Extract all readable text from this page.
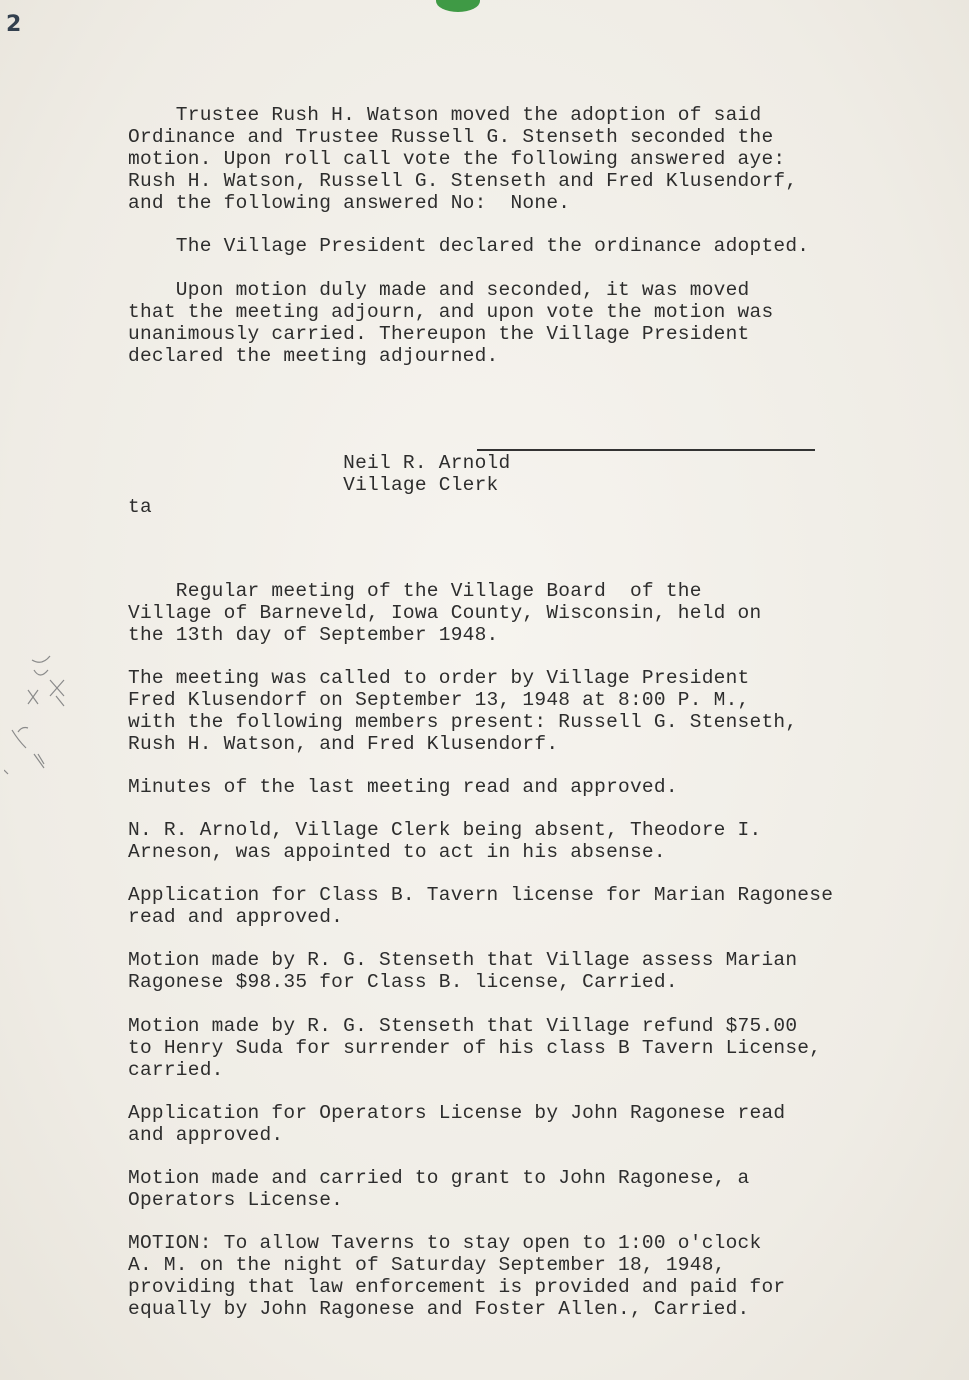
2
Trustee Rush H. Watson moved the adoption of said
Ordinance and Trustee Russell G. Stenseth seconded the
motion. Upon roll call vote the following answered aye:
Rush H. Watson, Russell G. Stenseth and Fred Klusendorf,
and the following answered No:  None.
The Village President declared the ordinance adopted.
Upon motion duly made and seconded, it was moved
that the meeting adjourn, and upon vote the motion was
unanimously carried. Thereupon the Village President
declared the meeting adjourned.
Neil R. Arnold
Village Clerk
ta
Regular meeting of the Village Board  of the
Village of Barneveld, Iowa County, Wisconsin, held on
the 13th day of September 1948.
The meeting was called to order by Village President
Fred Klusendorf on September 13, 1948 at 8:00 P. M.,
with the following members present: Russell G. Stenseth,
Rush H. Watson, and Fred Klusendorf.
Minutes of the last meeting read and approved.
N. R. Arnold, Village Clerk being absent, Theodore I.
Arneson, was appointed to act in his absense.
Application for Class B. Tavern license for Marian Ragonese
read and approved.
Motion made by R. G. Stenseth that Village assess Marian
Ragonese $98.35 for Class B. license, Carried.
Motion made by R. G. Stenseth that Village refund $75.00
to Henry Suda for surrender of his class B Tavern License,
carried.
Application for Operators License by John Ragonese read
and approved.
Motion made and carried to grant to John Ragonese, a
Operators License.
MOTION: To allow Taverns to stay open to 1:00 o'clock
A. M. on the night of Saturday September 18, 1948,
providing that law enforcement is provided and paid for
equally by John Ragonese and Foster Allen., Carried.
